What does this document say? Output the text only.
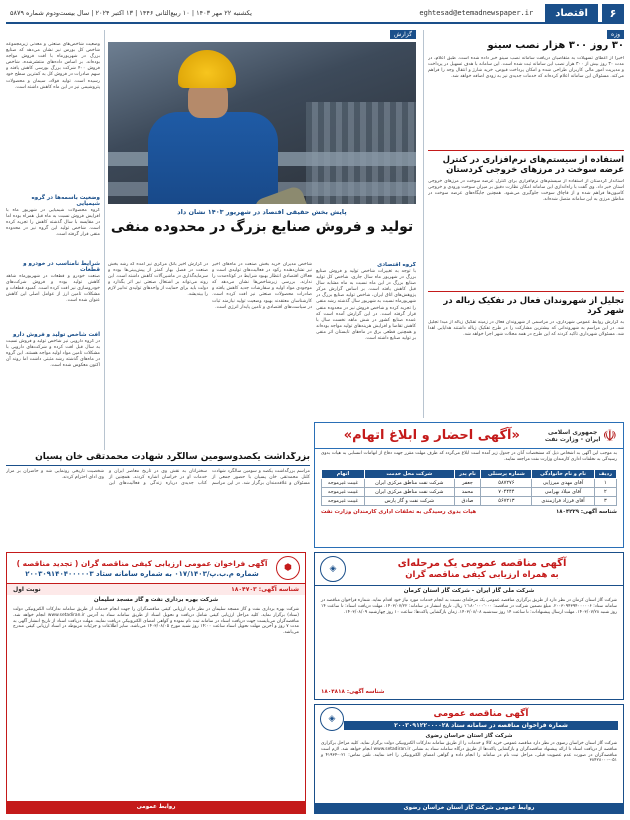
۶
اقتصاد
eghtesad@etemadnewspaper.ir
یکشنبه ۲۲ مهر ۱۴۰۳ | ۱۰ ربیع‌الثانی ۱۴۴۶ | ۱۳ اکتبر ۲۰۲۴ | سال بیست‌و‌دوم شماره ۵۸۷۹
وزه
۳۰ روز ۳۰۰ هزار نصب سینو
اخیراً از اعطای تسهیلات به متقاضیان دریافت سامانه نصب سینو خبر داده شده است. طبق اعلام، در مدت ۳۰ روز بیش از ۳۰۰ هزار نصب این سامانه ثبت شده است. این سامانه با هدف تسهیل در پرداخت و مدیریت امور مالی کاربران طراحی شده و امکان پرداخت قبوض، خرید شارژ و انتقال وجه را فراهم می‌کند. مسئولان این سامانه اعلام کرده‌اند که خدمات جدیدی نیز به زودی اضافه خواهد شد.
استفاده از سیستم‌های نرم‌افزاری در کنترل عرضه سوخت در مرزهای خروجی کردستان
استاندار کردستان از استفاده از سیستم‌های نرم‌افزاری برای کنترل عرضه سوخت در مرزهای خروجی استان خبر داد. وی گفت با راه‌اندازی این سامانه امکان نظارت دقیق بر میزان سوخت ورودی و خروجی کامیون‌ها فراهم شده و از قاچاق سوخت جلوگیری می‌شود. همچنین جایگاه‌های عرضه سوخت در مناطق مرزی به این سامانه متصل شده‌اند.
تجلیل از شهروندان فعال در تفکیک زباله در شهر کرد
به گزارش روابط عمومی شهرداری، در مراسمی از شهروندان فعال در زمینه تفکیک زباله از مبدأ تجلیل شد. در این مراسم به شهروندانی که بیشترین مشارکت را در طرح تفکیک زباله داشتند هدایایی اهدا شد. مسئولان شهرداری تاکید کردند که این طرح در همه محلات شهر اجرا خواهد شد.
گزارش
پایش بخش حقیقی اقتصاد در شهریور ۱۴۰۳ نشان داد
تولید و فروش صنایع بزرگ در محدوده منفی
گروه اقتصادی
با توجه به تغییرات شاخص تولید و فروش صنایع بزرگ در شهریور ماه سال جاری، شاخص کل تولید صنایع بزرگ در این ماه نسبت به ماه مشابه سال قبل کاهش یافته است. بر اساس گزارش مرکز پژوهش‌های اتاق ایران، شاخص تولید صنایع بزرگ در شهریورماه نسبت به شهریور سال گذشته رشد منفی را تجربه کرده و شاخص فروش نیز در محدوده منفی قرار گرفته است. در این گزارش آمده است که عمده صنایع کشور در شش ماهه نخست سال با کاهش تقاضا و افزایش هزینه‌های تولید مواجه بوده‌اند و همچنین قطعی برق در ماه‌های تابستان اثر منفی بر تولید صنایع داشته است.
شاخص مدیران خرید بخش صنعت در ماه‌های اخیر نیز نشان‌دهنده رکود در فعالیت‌های تولیدی است و فعالان اقتصادی انتظار بهبود شرایط در کوتاه‌مدت را ندارند. بررسی زیرشاخص‌ها نشان می‌دهد که موجودی مواد اولیه و سفارشات جدید کاهش یافته و صادرات محصولات صنعتی نیز افت کرده است. کارشناسان معتقدند بهبود وضعیت تولید نیازمند ثبات در سیاست‌های اقتصادی و تامین پایدار انرژی است.
در گزارش اخیر بانک مرکزی نیز آمده که رشد بخش صنعت در فصل بهار کمتر از پیش‌بینی‌ها بوده و سرمایه‌گذاری در ماشین‌آلات کاهش داشته است. این روند می‌تواند بر اشتغال صنعتی نیز اثر بگذارد و دولت باید برای حمایت از واحدهای تولیدی تدابیر لازم را بیندیشد.
وضعیت شاخص‌های صنعتی و معدنی زیرمجموعه شاخص کل بورس نیز نشان می‌دهد که صنایع بزرگ در شهریورماه با افت فروش مواجه بوده‌اند. بر اساس داده‌های منتشرشده، شاخص فروش ۴۰۰ شرکت بزرگ بورسی کاهش یافته و سهم صادرات در فروش کل به کمترین سطح خود رسیده است. تولید فولاد، سیمان و محصولات پتروشیمی نیز در این ماه کاهش داشته است.
وضعیت باسمه‌ها در گروه شیمیایی
گروه محصولات شیمیایی در شهریور ماه با افزایش فروش نسبت به ماه قبل همراه بوده اما در مقایسه با سال گذشته کاهش را تجربه کرده است. شاخص تولید این گروه نیز در محدوده منفی قرار گرفته است.
شرایط نامناسب در خودرو و قطعات
صنعت خودرو و قطعات در شهریورماه شاهد کاهش تولید بوده و فروش شرکت‌های خودروسازی نیز افت کرده است. کمبود قطعات و مشکلات تامین ارز از عوامل اصلی این کاهش عنوان شده است.
افت شاخص تولید و فروش دارو
در گروه دارویی نیز شاخص تولید و فروش نسبت به سال قبل افت کرده و شرکت‌های دارویی با مشکلات تامین مواد اولیه مواجه هستند. این گروه در ماه‌های گذشته رشد مثبتی داشت اما روند آن اکنون معکوس شده است.
☫
جمهوری اسلامی ایران - وزارت نفت
«آگهی احضار و ابلاغ اتهام»
به موجب این آگهی به اشخاص ذیل که مشخصات آنان در جدول زیر آمده است ابلاغ می‌گردد که ظرف مهلت مقرر جهت دفاع از اتهامات انتسابی به هیات بدوی رسیدگی به تخلفات اداری کارمندان وزارت نفت مراجعه نمایند.
ردیف	نام و نام خانوادگی	شماره پرسنلی	نام پدر	شرکت محل خدمت	اتهام
۱	آقای مهدی میرزایی	۵۸۷۲۷۶	جعفر	شرکت نفت مناطق مرکزی ایران	غیبت غیرموجه
۲	آقای میلاد بهرامی	۷۰۴۴۴۴	محمد	شرکت نفت مناطق مرکزی ایران	غیبت غیرموجه
۳	آقای فرزاد فرازمندی	۵۶۷۲۱۳	صادق	شرکت نفت و گاز پارس	غیبت غیرموجه
شناسه آگهی: ۱۸۰۴۲۲۹
هیات بدوی رسیدگی به تخلفات اداری کارمندان وزارت نفت
بزرگداشت یکصدوسومین سالگرد شهادت محمدتقی خان پسیان
مراسم بزرگداشت یکصد و سومین سالگرد شهادت کلنل محمدتقی خان پسیان با حضور جمعی از مسئولان و علاقه‌مندان برگزار شد. در این مراسم سخنرانان به نقش وی در تاریخ معاصر ایران و خدمات او در خراسان اشاره کردند. همچنین از کتاب جدیدی درباره زندگی و فعالیت‌های این شخصیت تاریخی رونمایی شد و حاضران بر مزار وی ادای احترام کردند.
⬢
آگهی فراخوان عمومی ارزیابی کیفی مناقصه گران ( تجدید مناقصه )
شماره م.ب.پ/۰۱۷/۱۴۰۳ به شماره سامانه ستاد ۲۰۰۳۰۹۱۴۰۴۰۰۰۰۰۳
شناسه آگهی: ۱۸۰۴۷۰۳
نوبت اول
شرکت بهره برداری نفت و گاز مسجد سلیمان
شرکت بهره برداری نفت و گاز مسجد سلیمان در نظر دارد ارزیابی کیفی مناقصه‌گران را جهت انجام خدمات از طریق سامانه تدارکات الکترونیکی دولت (ستاد) برگزار نماید. کلیه مراحل ارزیابی کیفی شامل دریافت و تحویل اسناد از طریق سامانه ستاد به آدرس www.setadiran.ir انجام خواهد شد. مناقصه‌گران می‌بایست جهت دریافت اسناد در سامانه ثبت نام نموده و گواهی امضای الکترونیکی دریافت نمایند. مهلت دریافت اسناد از تاریخ انتشار آگهی به مدت ۷ روز و آخرین مهلت تحویل اسناد ساعت ۱۴:۰۰ روز شنبه مورخ ۱۴۰۳/۰۸/۰۵ می‌باشد. سایر اطلاعات و جزئیات مربوطه در اسناد ارزیابی کیفی مندرج می‌باشد.
روابط عمومی
آگهی مناقصه عمومی یک مرحله‌ای
به همراه ارزیابی کیفی مناقصه گران
◈
شرکت ملی گاز ایران - شرکت گاز استان کرمان
شرکت گاز استان کرمان در نظر دارد از طریق برگزاری مناقصه عمومی یک مرحله‌ای نسبت به انجام خدمات مورد نیاز خود اقدام نماید. شماره فراخوان مناقصه در سامانه ستاد: ۲۰۰۳۰۹۴۳۹۴۰۰۰۰۰۶. مبلغ تضمین شرکت در مناقصه: ۱٬۱۸۰٬۰۰۰٬۰۰۰ ریال. تاریخ انتشار در سامانه: ۱۴۰۳/۰۷/۲۲. مهلت دریافت اسناد: تا ساعت ۱۴ روز شنبه ۱۴۰۳/۰۷/۲۸. مهلت ارسال پیشنهادات: تا ساعت ۱۴ روز سه‌شنبه ۱۴۰۳/۰۸/۰۸. زمان بازگشایی پاکت‌ها: ساعت ۱۰ روز چهارشنبه ۱۴۰۳/۰۸/۰۹.
شناسه آگهی: ۱۸۰۴۸۱۸
آگهی مناقصه عمومی
شماره فراخوان مناقصه در سامانه ستاد ۲۰۰۳۰۹۱۲۲۰۰۰۰۲۸
◈
شرکت گاز استان خراسان رضوی
شرکت گاز استان خراسان رضوی در نظر دارد مناقصه عمومی خرید کالا و خدمات را از طریق سامانه تدارکات الکترونیکی دولت برگزار نماید. کلیه مراحل برگزاری مناقصه از دریافت اسناد تا ارائه پیشنهاد مناقصه‌گران و بازگشایی پاکت‌ها از طریق درگاه سامانه ستاد به نشانی www.setadiran.ir انجام خواهد شد. لازم است مناقصه‌گران در صورت عدم عضویت قبلی، مراحل ثبت نام در سامانه را انجام داده و گواهی امضای الکترونیکی را اخذ نمایند. تلفن تماس: ۰۲۱-۴۱۹۳۴ و ۰۵۱-۳۸۴۲۸۰۰۰
روابط عمومی شرکت گاز استان خراسان رضوی
